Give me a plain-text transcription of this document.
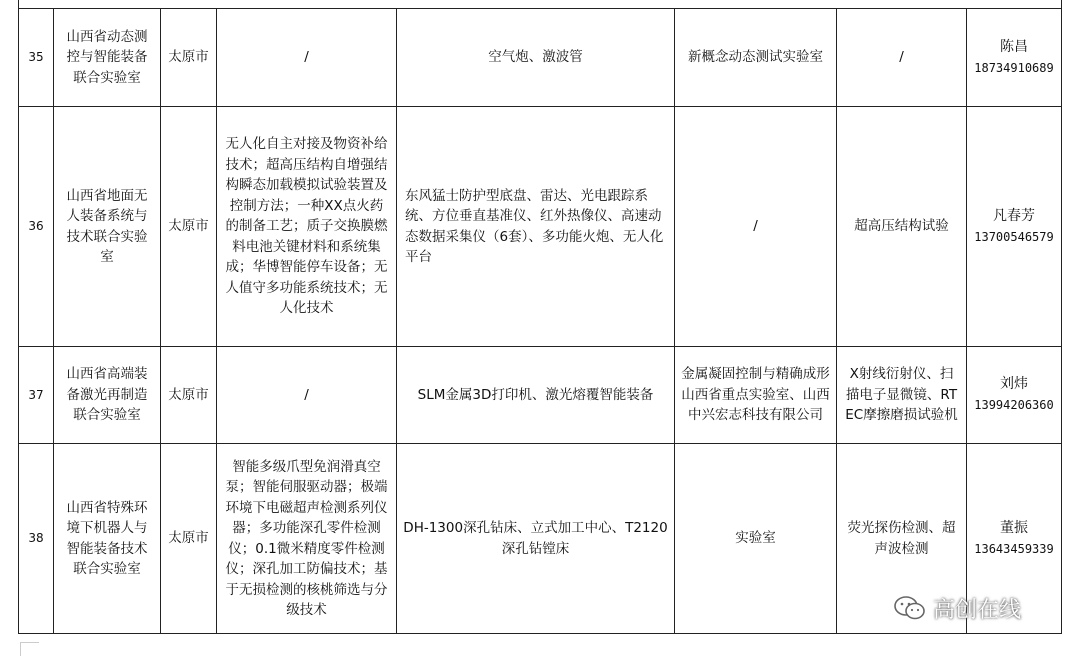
35	山西省动态测控与智能装备联合实验室	太原市	/	空气炮、激波管	新概念动态测试实验室	/	陈昌
18734910689

36	山西省地面无人装备系统与技术联合实验室	太原市	无人化自主对接及物资补给技术；超高压结构自增强结构瞬态加载模拟试验装置及控制方法；一种XX点火药的制备工艺；质子交换膜燃料电池关键材料和系统集成；华博智能停车设备；无人值守多功能系统技术；无人化技术	东风猛士防护型底盘、雷达、光电跟踪系统、方位垂直基准仪、红外热像仪、高速动态数据采集仪（6套）、多功能火炮、无人化平台	/	超高压结构试验	凡春芳
13700546579

37	山西省高端装备激光再制造联合实验室	太原市	/	SLM金属3D打印机、激光熔覆智能装备	金属凝固控制与精确成形山西省重点实验室、山西中兴宏志科技有限公司	X射线衍射仪、扫描电子显微镜、RTEC摩擦磨损试验机	刘炜
13994206360

38	山西省特殊环境下机器人与智能装备技术联合实验室	太原市	智能多级爪型免润滑真空泵；智能伺服驱动器；极端环境下电磁超声检测系列仪器；多功能深孔零件检测仪；0.1微米精度零件检测仪；深孔加工防偏技术；基于无损检测的核桃筛选与分级技术	DH-1300深孔钻床、立式加工中心、T2120深孔钻镗床	实验室	荧光探伤检测、超声波检测	董振
13643459339
高创在线
